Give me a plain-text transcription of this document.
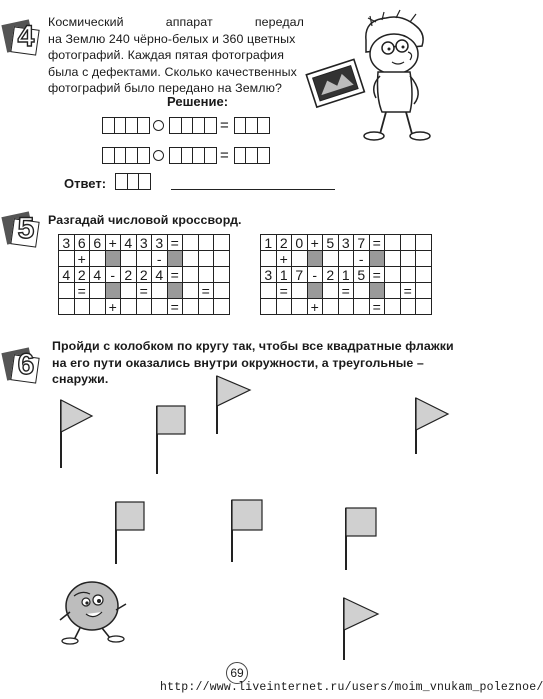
4 Космический аппарат передал
на Землю 240 чёрно-белых и 360 цветных
фотографий. Каждая пятая фотография
была с дефектами. Сколько качественных
фотографий было передано на Землю?
Решение:
=
=
Ответ:
5 Разгадай числовой кроссворд.
3	6	6	+	4	3	3	=			
	+					-				
4	2	4	-	2	2	4	=			
	=				=				=	
			+				=			
1	2	0	+	5	3	7	=			
	+					-				
3	1	7	-	2	1	5	=			
	=				=				=	
			+				=			
6
Пройди с колобком по кругу так, чтобы все квадратные флажки
на его пути оказались внутри окружности, а треугольные –
снаружи.
69
http://www.liveinternet.ru/users/moim_vnukam_poleznoe/
